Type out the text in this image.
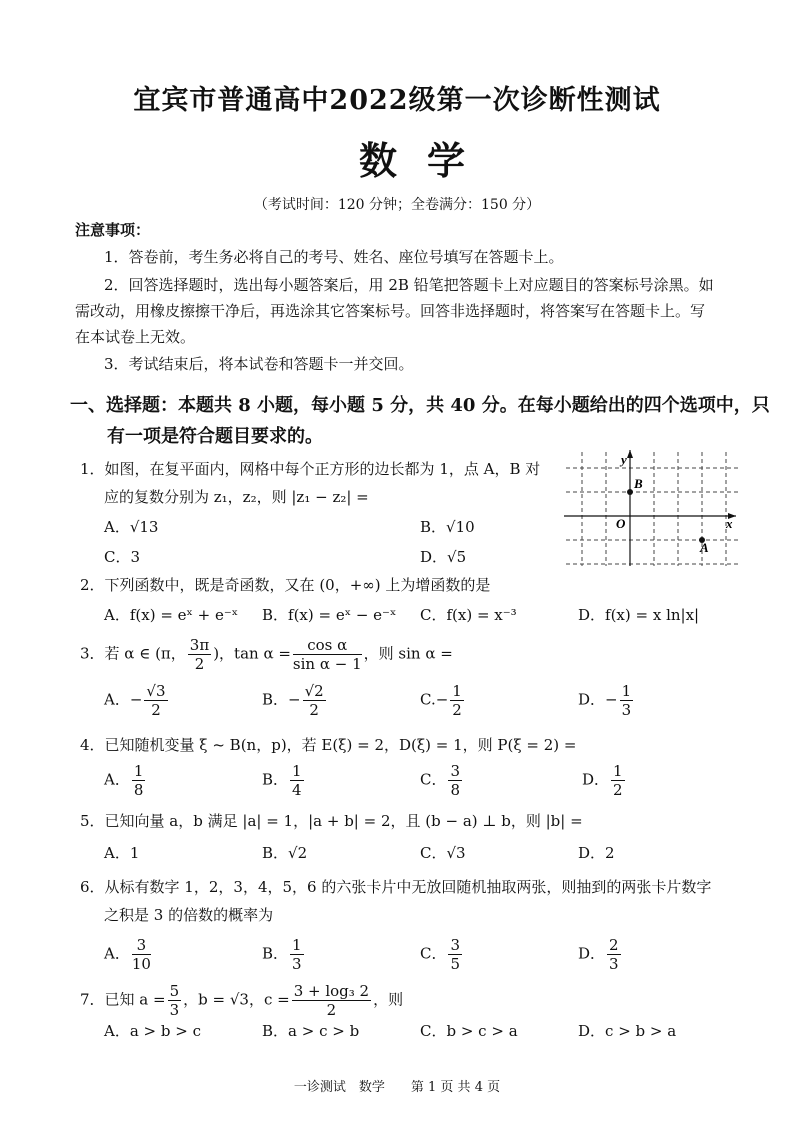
宜宾市普通高中2022级第一次诊断性测试
数学
（考试时间：120 分钟；全卷满分：150 分）
注意事项：
1．答卷前，考生务必将自己的考号、姓名、座位号填写在答题卡上。
2．回答选择题时，选出每小题答案后，用 2B 铅笔把答题卡上对应题目的答案标号涂黑。如
需改动，用橡皮擦擦干净后，再选涂其它答案标号。回答非选择题时，将答案写在答题卡上。写
在本试卷上无效。
3．考试结束后，将本试卷和答题卡一并交回。
一、选择题：本题共 8 小题，每小题 5 分，共 40 分。在每小题给出的四个选项中，只
有一项是符合题目要求的。
1．如图，在复平面内，网格中每个正方形的边长都为 1，点 A，B 对
应的复数分别为 z₁，z₂，则 |z₁ − z₂| =
A．√13	B．√10
C．3	D．√5
y
x
O
B
A
2．下列函数中，既是奇函数，又在 (0，+∞) 上为增函数的是
A．f(x) = eˣ + e⁻ˣ B．f(x) = eˣ − e⁻ˣ C．f(x) = x⁻³	D．f(x) = x ln|x|
3．若 α ∈ (π， $\frac{3\pi}{2}$ )，$\tan \alpha = \frac{\text{cos α}}{\text{sin α − 1}}$ ，则 sin α =
A．− $\frac{√3}{2}$	B．− $\frac{√2}{2}$	$C.- \frac{1}{2}$	D．− $\frac{1}{3}$
4．已知随机变量 ξ ~ B(n，p)，若 E(ξ) = 2，D(ξ) = 1，则 P(ξ = 2) =
A． $\frac{1}{8}$	B． $\frac{1}{4}$	C． $\frac{3}{8}$	D． $\frac{1}{2}$
5．已知向量 a，b 满足 |a| = 1，|a + b| = 2，且 (b − a) ⊥ b，则 |b| =
A．1	B．√2	C．√3	D．2
6．从标有数字 1，2，3，4，5，6 的六张卡片中无放回随机抽取两张，则抽到的两张卡片数字
之积是 3 的倍数的概率为
A． $\frac{3}{10}$	B． $\frac{1}{3}$	C． $\frac{3}{5}$	D． $\frac{2}{3}$
7．已知 $a = \frac{5}{3}$ ，b = √3，$c = \frac{\text{3 + log₃ 2}}{2}$ ，则
A．a > b > c	B．a > c > b	C．b > c > a	D．c > b > a
一诊测试　数学　　第 1 页 共 4 页
